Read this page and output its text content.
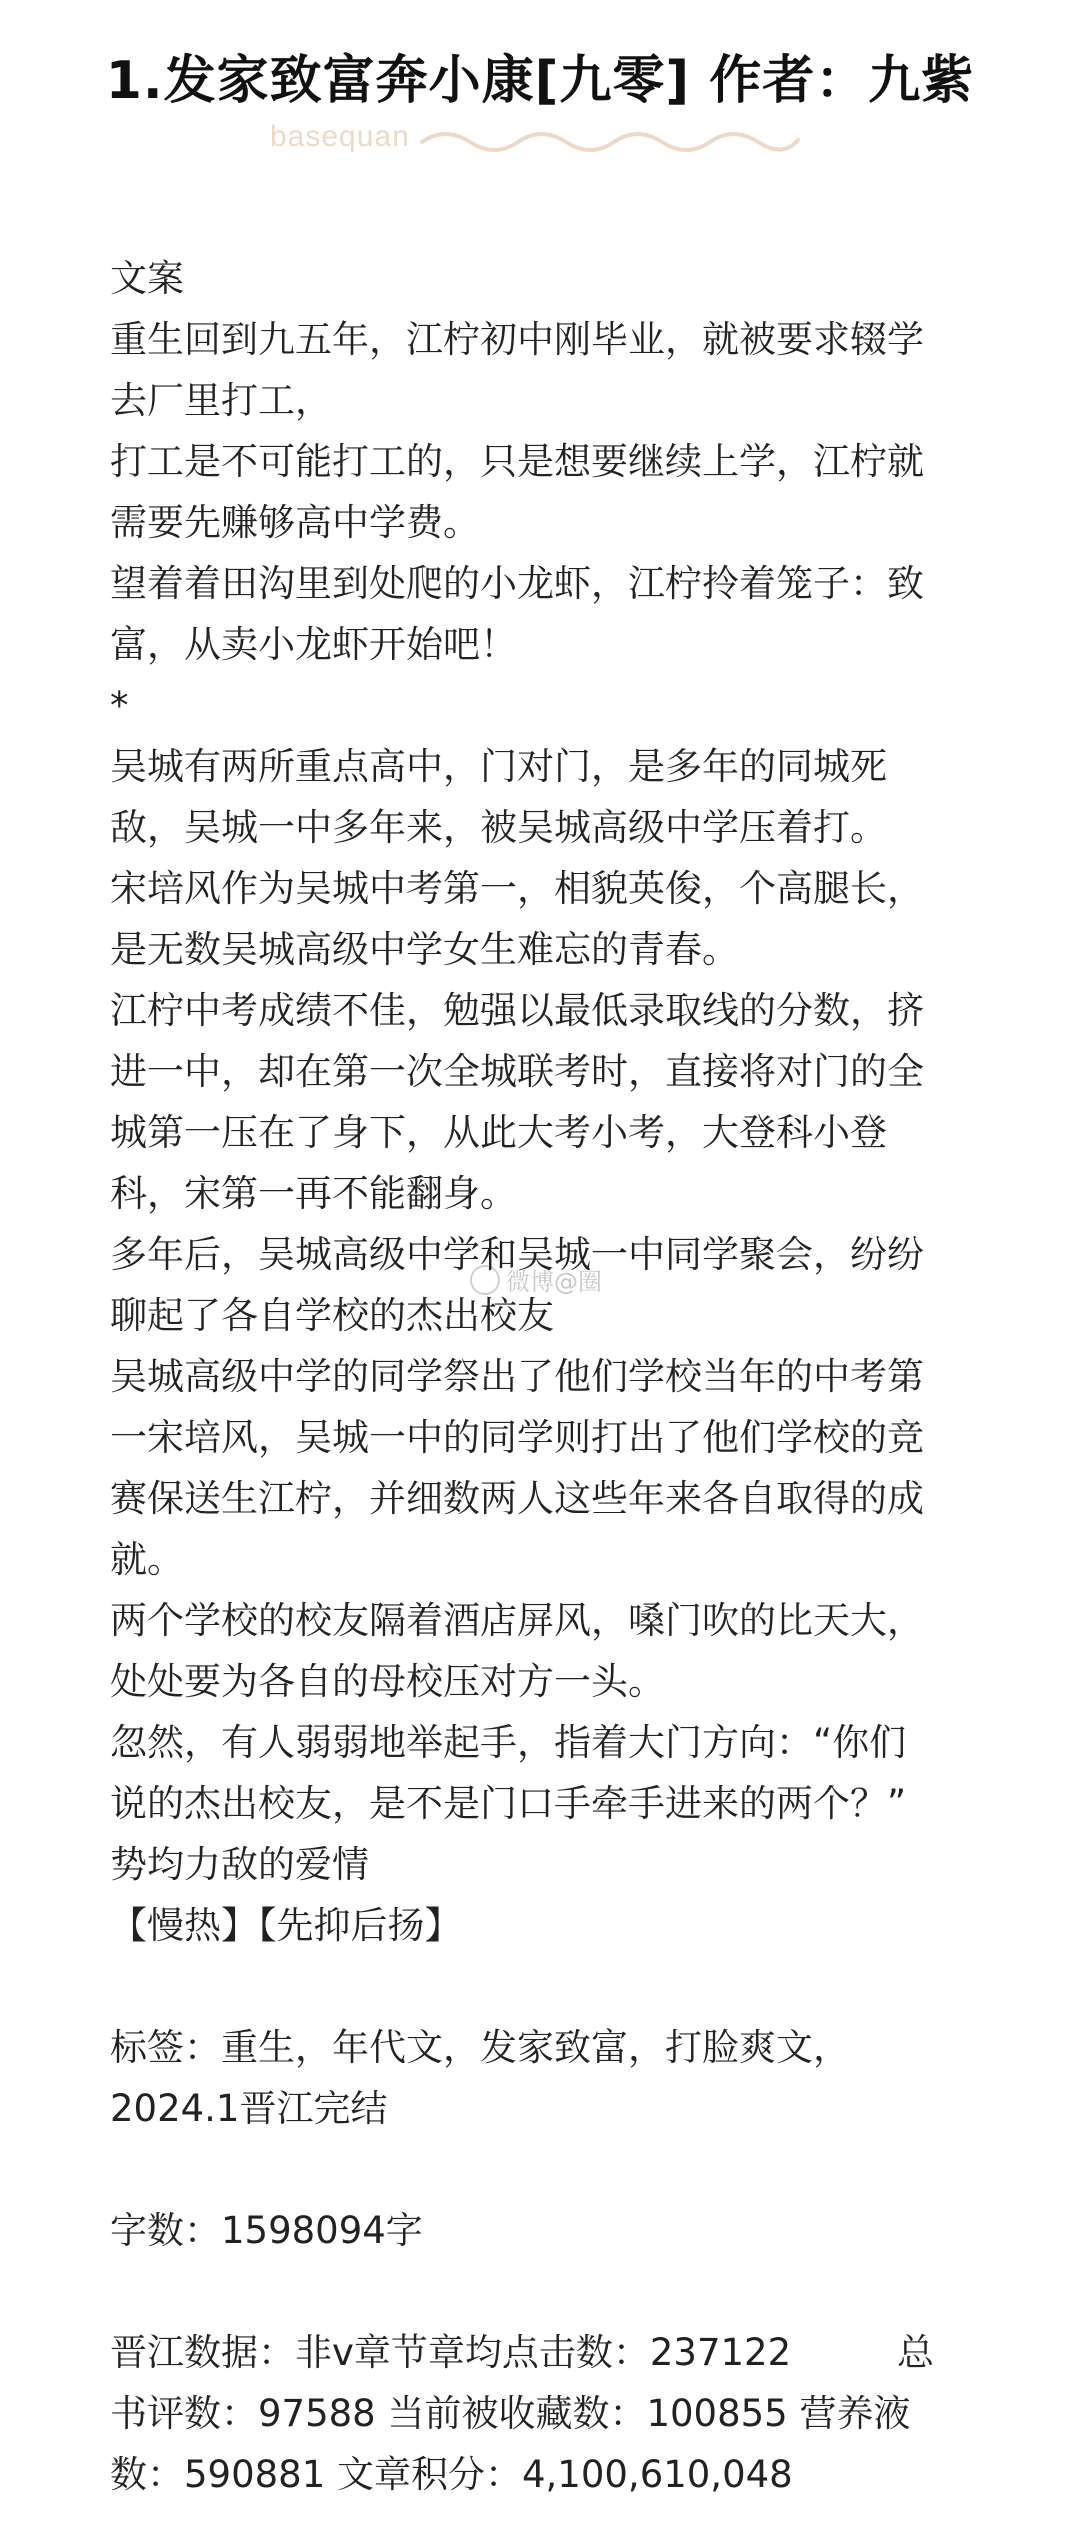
1.发家致富奔小康[九零] 作者：九紫
basequan
微博@圈
文案
重生回到九五年，江柠初中刚毕业，就被要求辍学
去厂里打工，
打工是不可能打工的，只是想要继续上学，江柠就
需要先赚够高中学费。
望着着田沟里到处爬的小龙虾，江柠拎着笼子：致
富，从卖小龙虾开始吧！
*
吴城有两所重点高中，门对门，是多年的同城死
敌，吴城一中多年来，被吴城高级中学压着打。
宋培风作为吴城中考第一，相貌英俊，个高腿长，
是无数吴城高级中学女生难忘的青春。
江柠中考成绩不佳，勉强以最低录取线的分数，挤
进一中，却在第一次全城联考时，直接将对门的全
城第一压在了身下，从此大考小考，大登科小登
科，宋第一再不能翻身。
多年后，吴城高级中学和吴城一中同学聚会，纷纷
聊起了各自学校的杰出校友
吴城高级中学的同学祭出了他们学校当年的中考第
一宋培风，吴城一中的同学则打出了他们学校的竞
赛保送生江柠，并细数两人这些年来各自取得的成
就。
两个学校的校友隔着酒店屏风，嗓门吹的比天大，
处处要为各自的母校压对方一头。
忽然，有人弱弱地举起手，指着大门方向：“你们
说的杰出校友，是不是门口手牵手进来的两个？”
势均力敌的爱情
【慢热】【先抑后扬】
标签：重生，年代文，发家致富，打脸爽文，
2024.1晋江完结
字数：1598094字
晋江数据：非v章节章均点击数：237122         总
书评数：97588 当前被收藏数：100855 营养液
数：590881 文章积分：4,100,610,048
